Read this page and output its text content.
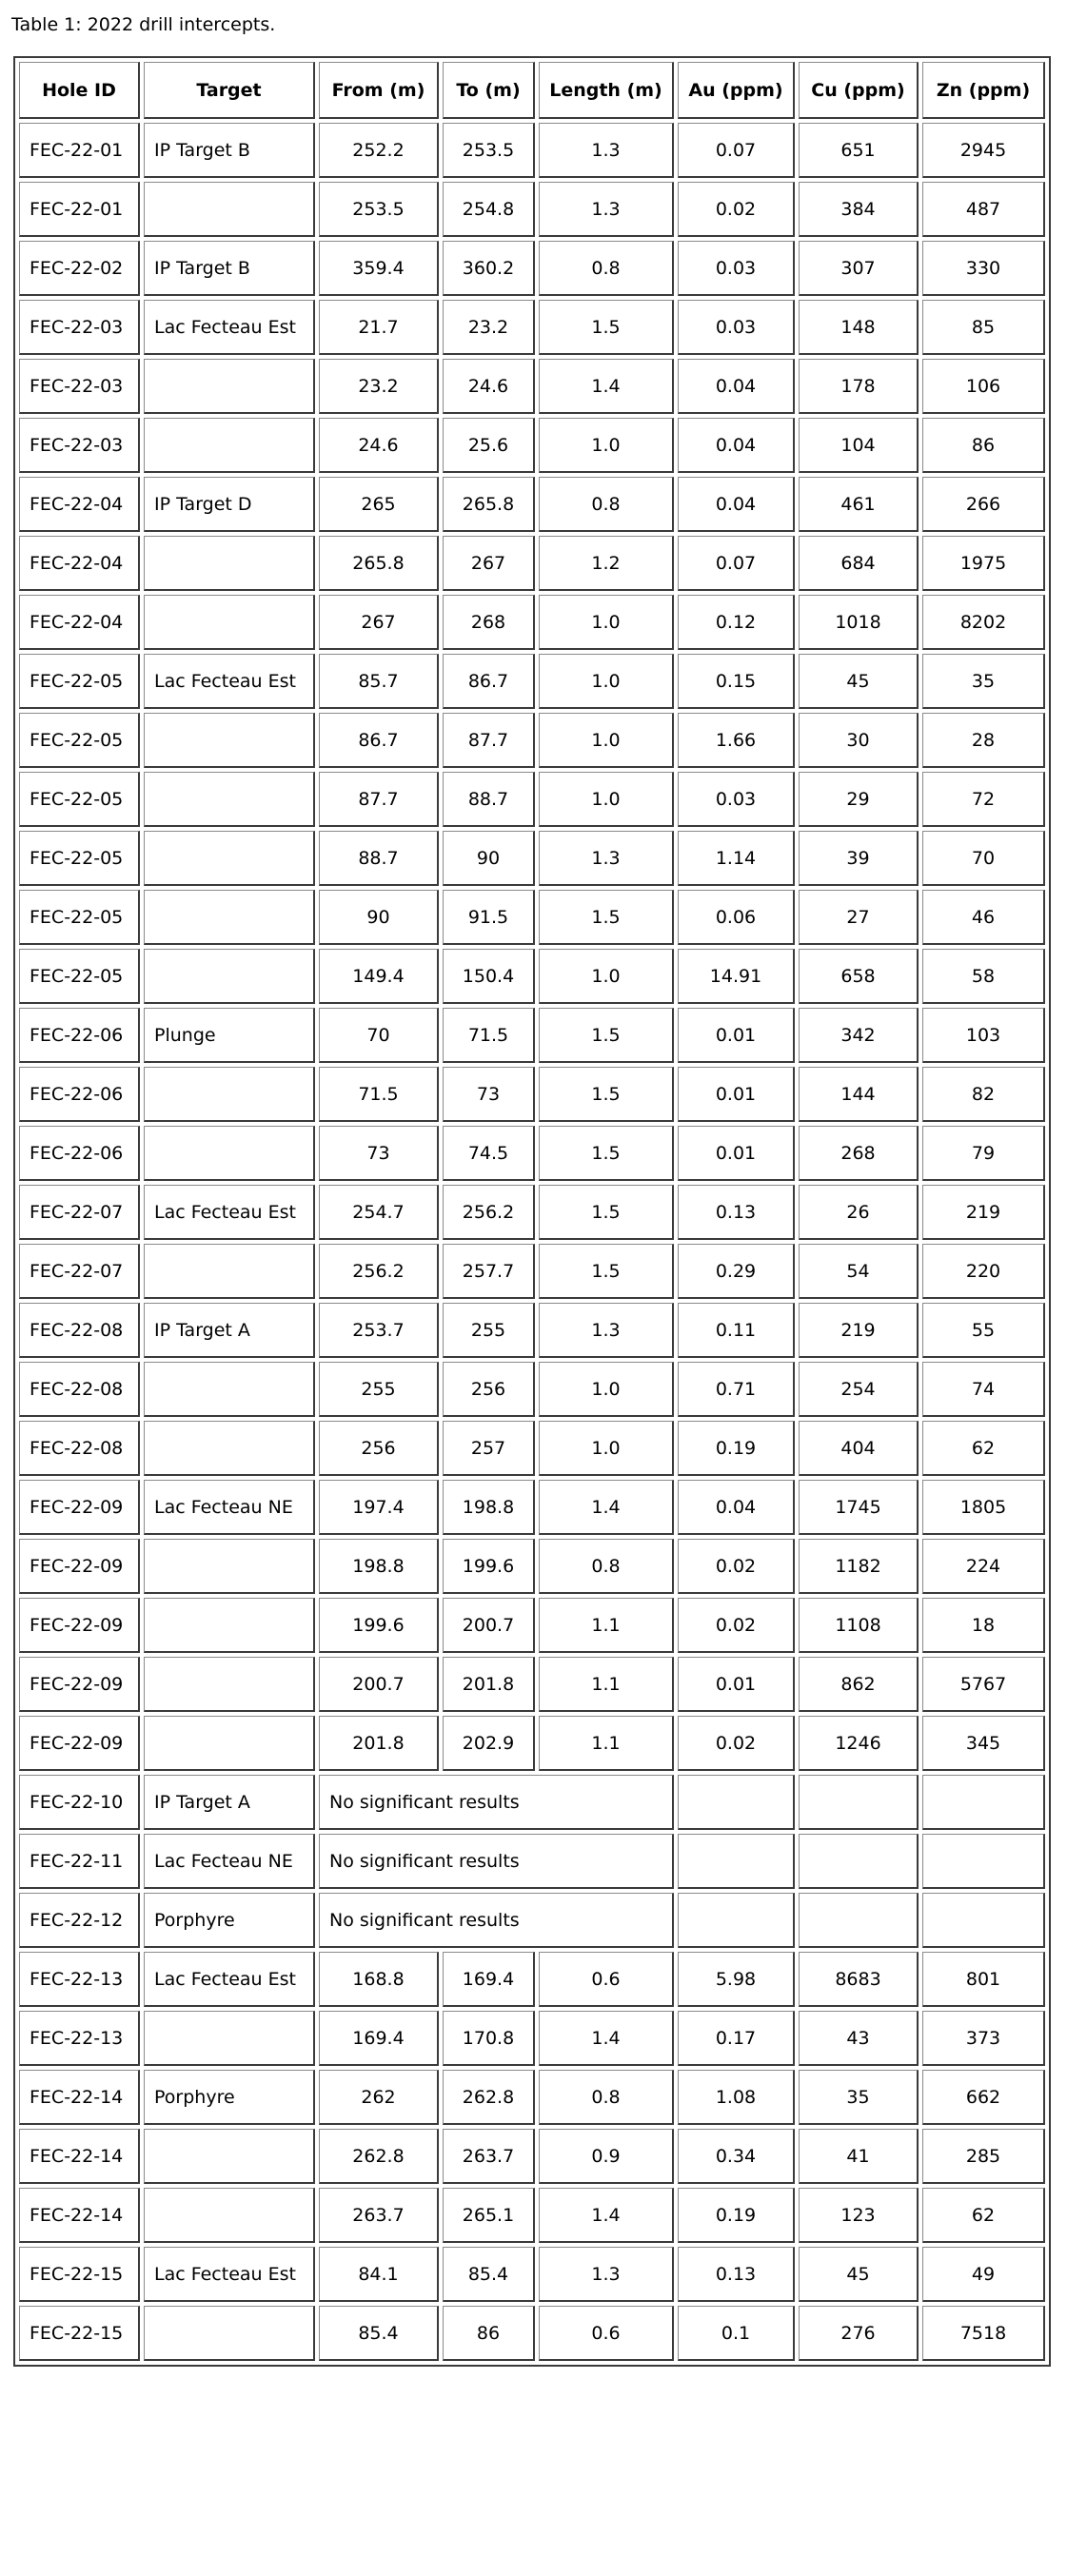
Table 1: 2022 drill intercepts.
Hole ID	Target	From (m)	To (m)	Length (m)	Au (ppm)	Cu (ppm)	Zn (ppm)
FEC-22-01	IP Target B	252.2	253.5	1.3	0.07	651	2945
FEC-22-01		253.5	254.8	1.3	0.02	384	487
FEC-22-02	IP Target B	359.4	360.2	0.8	0.03	307	330
FEC-22-03	Lac Fecteau Est	21.7	23.2	1.5	0.03	148	85
FEC-22-03		23.2	24.6	1.4	0.04	178	106
FEC-22-03		24.6	25.6	1.0	0.04	104	86
FEC-22-04	IP Target D	265	265.8	0.8	0.04	461	266
FEC-22-04		265.8	267	1.2	0.07	684	1975
FEC-22-04		267	268	1.0	0.12	1018	8202
FEC-22-05	Lac Fecteau Est	85.7	86.7	1.0	0.15	45	35
FEC-22-05		86.7	87.7	1.0	1.66	30	28
FEC-22-05		87.7	88.7	1.0	0.03	29	72
FEC-22-05		88.7	90	1.3	1.14	39	70
FEC-22-05		90	91.5	1.5	0.06	27	46
FEC-22-05		149.4	150.4	1.0	14.91	658	58
FEC-22-06	Plunge	70	71.5	1.5	0.01	342	103
FEC-22-06		71.5	73	1.5	0.01	144	82
FEC-22-06		73	74.5	1.5	0.01	268	79
FEC-22-07	Lac Fecteau Est	254.7	256.2	1.5	0.13	26	219
FEC-22-07		256.2	257.7	1.5	0.29	54	220
FEC-22-08	IP Target A	253.7	255	1.3	0.11	219	55
FEC-22-08		255	256	1.0	0.71	254	74
FEC-22-08		256	257	1.0	0.19	404	62
FEC-22-09	Lac Fecteau NE	197.4	198.8	1.4	0.04	1745	1805
FEC-22-09		198.8	199.6	0.8	0.02	1182	224
FEC-22-09		199.6	200.7	1.1	0.02	1108	18
FEC-22-09		200.7	201.8	1.1	0.01	862	5767
FEC-22-09		201.8	202.9	1.1	0.02	1246	345
FEC-22-10	IP Target A	No significant results					
FEC-22-11	Lac Fecteau NE	No significant results					
FEC-22-12	Porphyre	No significant results					
FEC-22-13	Lac Fecteau Est	168.8	169.4	0.6	5.98	8683	801
FEC-22-13		169.4	170.8	1.4	0.17	43	373
FEC-22-14	Porphyre	262	262.8	0.8	1.08	35	662
FEC-22-14		262.8	263.7	0.9	0.34	41	285
FEC-22-14		263.7	265.1	1.4	0.19	123	62
FEC-22-15	Lac Fecteau Est	84.1	85.4	1.3	0.13	45	49
FEC-22-15		85.4	86	0.6	0.1	276	7518
